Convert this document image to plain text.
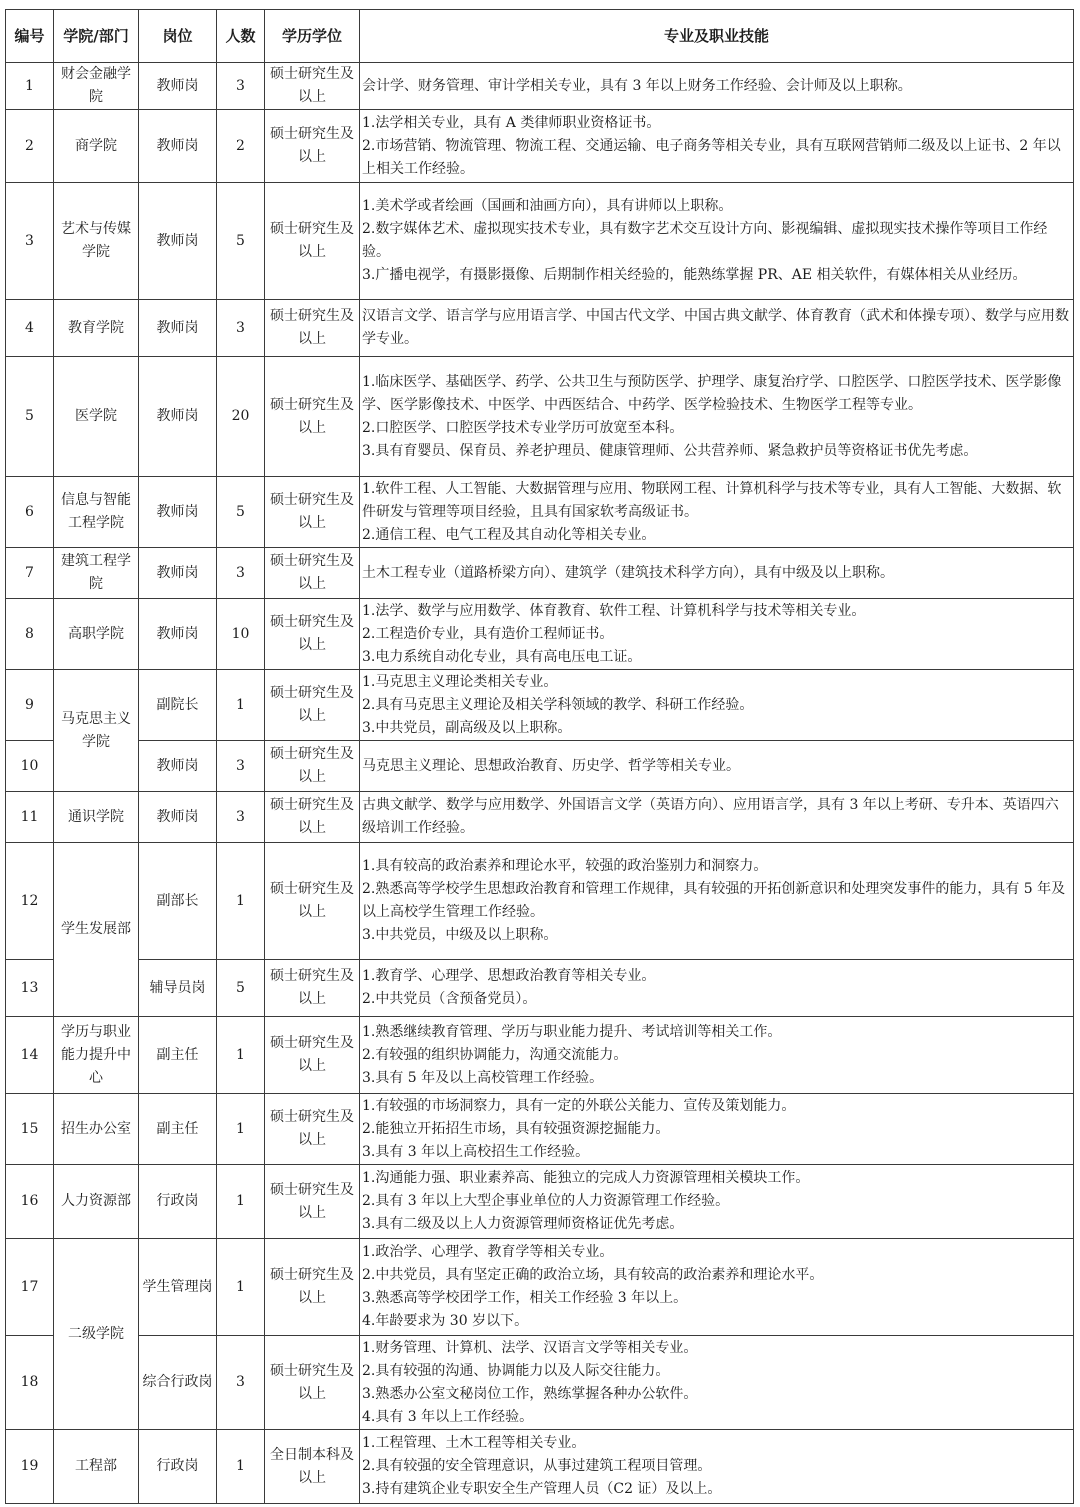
编号	学院/部门	岗位	人数	学历学位	专业及职业技能
1	财会金融学院	教师岗	3	硕士研究生及以上	会计学、财务管理、审计学相关专业，具有 3 年以上财务工作经验、会计师及以上职称。

2	商学院	教师岗	2	硕士研究生及以上	1.法学相关专业，具有 A 类律师职业资格证书。
2.市场营销、物流管理、物流工程、交通运输、电子商务等相关专业，具有互联网营销师二级及以上证书、2 年以上相关工作经验。

3	艺术与传媒学院	教师岗	5	硕士研究生及以上	1.美术学或者绘画（国画和油画方向），具有讲师以上职称。
2.数字媒体艺术、虚拟现实技术专业，具有数字艺术交互设计方向、影视编辑、虚拟现实技术操作等项目工作经验。
3.广播电视学，有摄影摄像、后期制作相关经验的，能熟练掌握 PR、AE 相关软件，有媒体相关从业经历。

4	教育学院	教师岗	3	硕士研究生及以上	汉语言文学、语言学与应用语言学、中国古代文学、中国古典文献学、体育教育（武术和体操专项）、数学与应用数学专业。

5	医学院	教师岗	20	硕士研究生及以上	1.临床医学、基础医学、药学、公共卫生与预防医学、护理学、康复治疗学、口腔医学、口腔医学技术、医学影像学、医学影像技术、中医学、中西医结合、中药学、医学检验技术、生物医学工程等专业。
2.口腔医学、口腔医学技术专业学历可放宽至本科。
3.具有育婴员、保育员、养老护理员、健康管理师、公共营养师、紧急救护员等资格证书优先考虑。

6	信息与智能工程学院	教师岗	5	硕士研究生及以上	1.软件工程、人工智能、大数据管理与应用、物联网工程、计算机科学与技术等专业，具有人工智能、大数据、软件研发与管理等项目经验，且具有国家软考高级证书。
2.通信工程、电气工程及其自动化等相关专业。

7	建筑工程学院	教师岗	3	硕士研究生及以上	土木工程专业（道路桥梁方向）、建筑学（建筑技术科学方向），具有中级及以上职称。

8	高职学院	教师岗	10	硕士研究生及以上	1.法学、数学与应用数学、体育教育、软件工程、计算机科学与技术等相关专业。
2.工程造价专业，具有造价工程师证书。
3.电力系统自动化专业，具有高电压电工证。

9	马克思主义学院	副院长	1	硕士研究生及以上	1.马克思主义理论类相关专业。
2.具有马克思主义理论及相关学科领域的教学、科研工作经验。
3.中共党员，副高级及以上职称。

10		教师岗	3	硕士研究生及以上	马克思主义理论、思想政治教育、历史学、哲学等相关专业。

11	通识学院	教师岗	3	硕士研究生及以上	古典文献学、数学与应用数学、外国语言文学（英语方向）、应用语言学，具有 3 年以上考研、专升本、英语四六级培训工作经验。

12	学生发展部	副部长	1	硕士研究生及以上	1.具有较高的政治素养和理论水平，较强的政治鉴别力和洞察力。
2.熟悉高等学校学生思想政治教育和管理工作规律，具有较强的开拓创新意识和处理突发事件的能力，具有 5 年及以上高校学生管理工作经验。
3.中共党员，中级及以上职称。

13		辅导员岗	5	硕士研究生及以上	1.教育学、心理学、思想政治教育等相关专业。
2.中共党员（含预备党员）。

14	学历与职业能力提升中心	副主任	1	硕士研究生及以上	1.熟悉继续教育管理、学历与职业能力提升、考试培训等相关工作。
2.有较强的组织协调能力，沟通交流能力。
3.具有 5 年及以上高校管理工作经验。

15	招生办公室	副主任	1	硕士研究生及以上	1.有较强的市场洞察力，具有一定的外联公关能力、宣传及策划能力。
2.能独立开拓招生市场，具有较强资源挖掘能力。
3.具有 3 年以上高校招生工作经验。

16	人力资源部	行政岗	1	硕士研究生及以上	1.沟通能力强、职业素养高、能独立的完成人力资源管理相关模块工作。
2.具有 3 年以上大型企事业单位的人力资源管理工作经验。
3.具有二级及以上人力资源管理师资格证优先考虑。

17	二级学院	学生管理岗	1	硕士研究生及以上	1.政治学、心理学、教育学等相关专业。
2.中共党员，具有坚定正确的政治立场，具有较高的政治素养和理论水平。
3.熟悉高等学校团学工作，相关工作经验 3 年以上。
4.年龄要求为 30 岁以下。

18		综合行政岗	3	硕士研究生及以上	1.财务管理、计算机、法学、汉语言文学等相关专业。
2.具有较强的沟通、协调能力以及人际交往能力。
3.熟悉办公室文秘岗位工作，熟练掌握各种办公软件。
4.具有 3 年以上工作经验。

19	工程部	行政岗	1	全日制本科及以上	1.工程管理、土木工程等相关专业。
2.具有较强的安全管理意识，从事过建筑工程项目管理。
3.持有建筑企业专职安全生产管理人员（C2 证）及以上。
